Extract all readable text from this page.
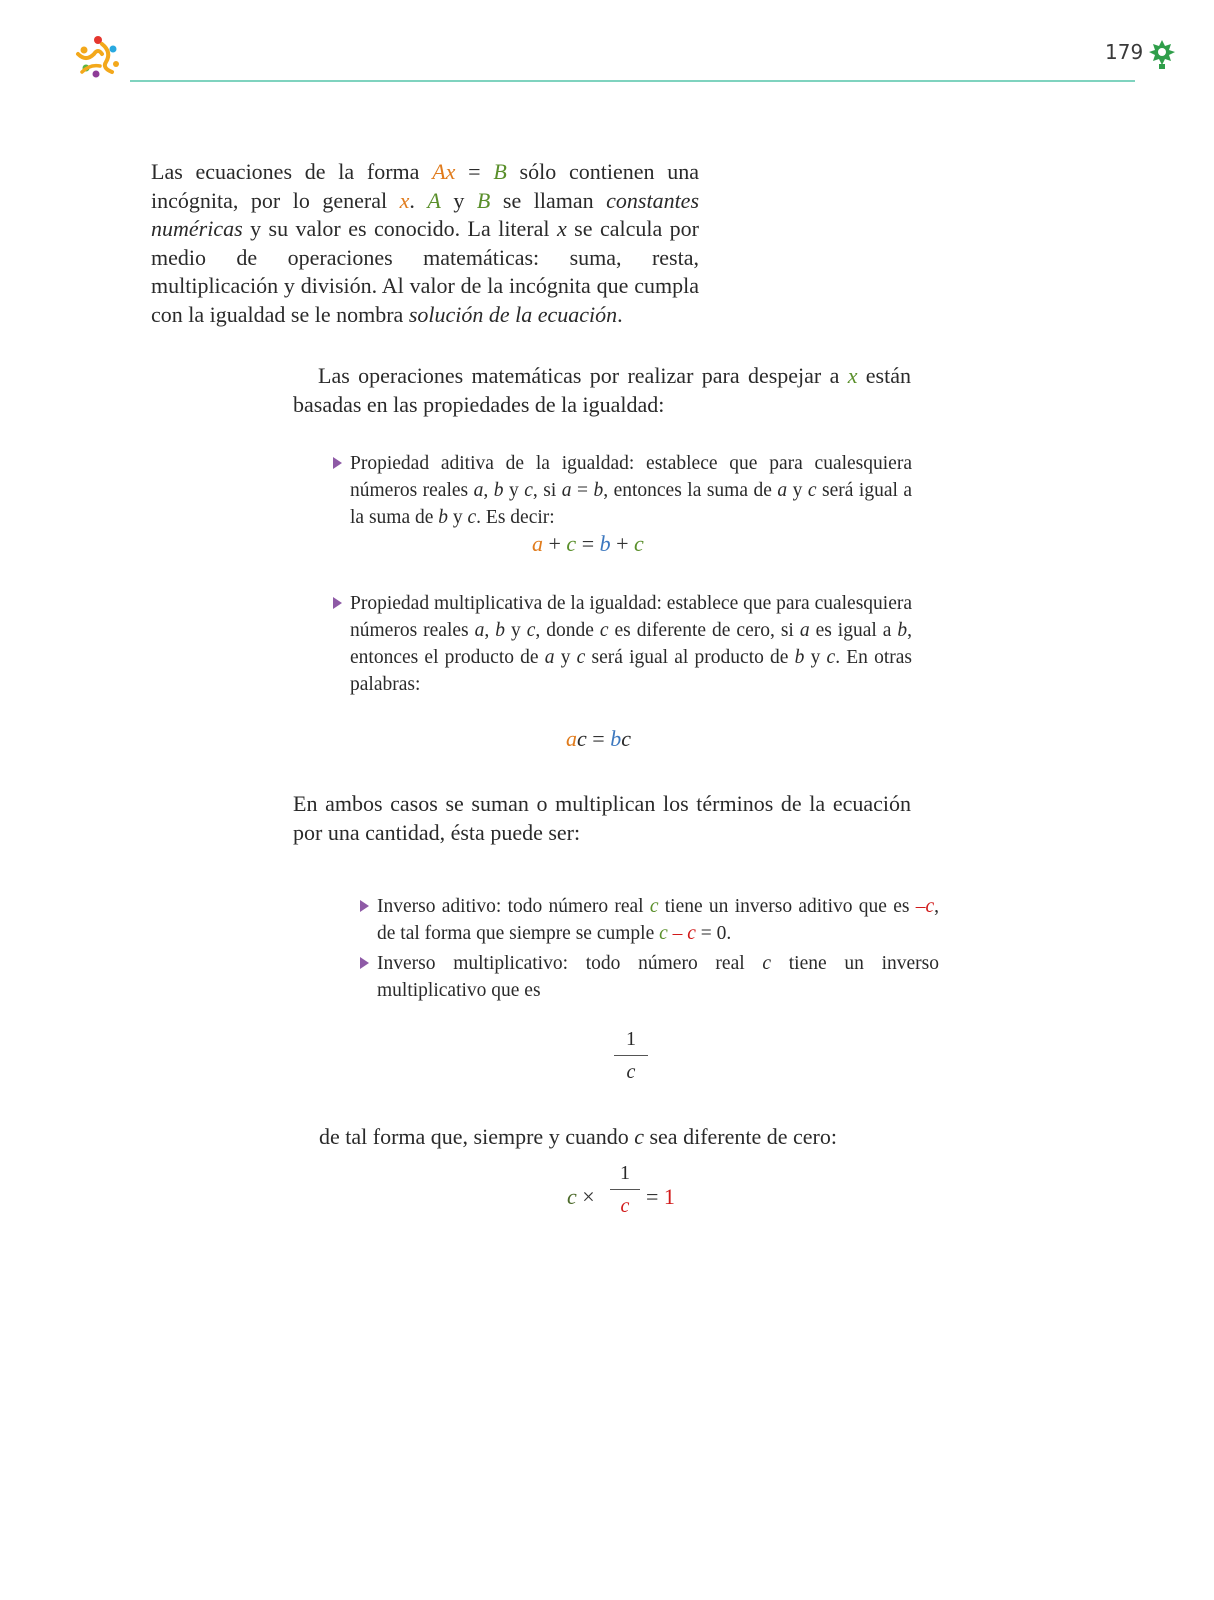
179
Las ecuaciones de la forma Ax = B sólo contienen una incógnita, por lo general x. A y B se llaman constantes numéricas y su valor es conocido. La literal x se calcula por medio de operaciones matemáticas: suma, resta, multiplicación y división. Al valor de la incógnita que cumpla con la igualdad se le nombra solución de la ecuación.
Las operaciones matemáticas por realizar para despejar a x están basadas en las propiedades de la igualdad:
Propiedad aditiva de la igualdad: establece que para cualesquiera números reales a, b y c, si a = b, entonces la suma de a y c será igual a la suma de b y c. Es decir:
a + c = b + c
Propiedad multiplicativa de la igualdad: establece que para cualesquiera números reales a, b y c, donde c es diferente de cero, si a es igual a b, entonces el producto de a y c será igual al producto de b y c. En otras palabras:
ac = bc
En ambos casos se suman o multiplican los términos de la ecuación por una cantidad, ésta puede ser:
Inverso aditivo: todo número real c tiene un inverso aditivo que es –c, de tal forma que siempre se cumple c – c = 0.
Inverso multiplicativo: todo número real c tiene un inverso multiplicativo que es
1
c
de tal forma que, siempre y cuando c sea diferente de cero:
c ×
1
c = 1
